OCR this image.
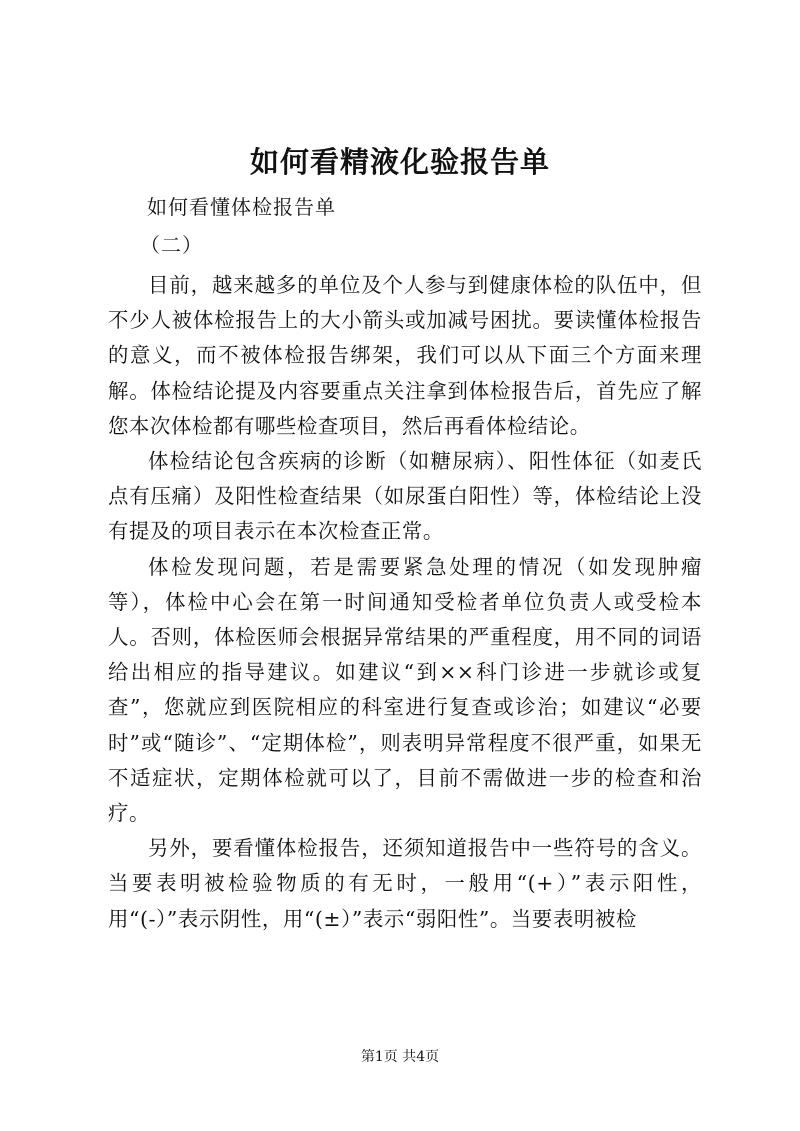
如何看精液化验报告单

如何看懂体检报告单

（二）

目前，越来越多的单位及个人参与到健康体检的队伍中，但不少人被体检报告上的大小箭头或加减号困扰。要读懂体检报告的意义，而不被体检报告绑架，我们可以从下面三个方面来理解。体检结论提及内容要重点关注拿到体检报告后，首先应了解您本次体检都有哪些检查项目，然后再看体检结论。

体检结论包含疾病的诊断（如糖尿病）、阳性体征（如麦氏点有压痛）及阳性检查结果（如尿蛋白阳性）等，体检结论上没有提及的项目表示在本次检查正常。

体检发现问题，若是需要紧急处理的情况（如发现肿瘤等），体检中心会在第一时间通知受检者单位负责人或受检本人。否则，体检医师会根据异常结果的严重程度，用不同的词语给出相应的指导建议。如建议“到××科门诊进一步就诊或复查”，您就应到医院相应的科室进行复查或诊治；如建议“必要时”或“随诊”、“定期体检”，则表明异常程度不很严重，如果无不适症状，定期体检就可以了，目前不需做进一步的检查和治疗。

另外，要看懂体检报告，还须知道报告中一些符号的含义。当要表明被检验物质的有无时，一般用“(+）”表示阳性，用“(-）”表示阴性，用“(±）”表示“弱阳性”。当要表明被检

第1页 共4页
